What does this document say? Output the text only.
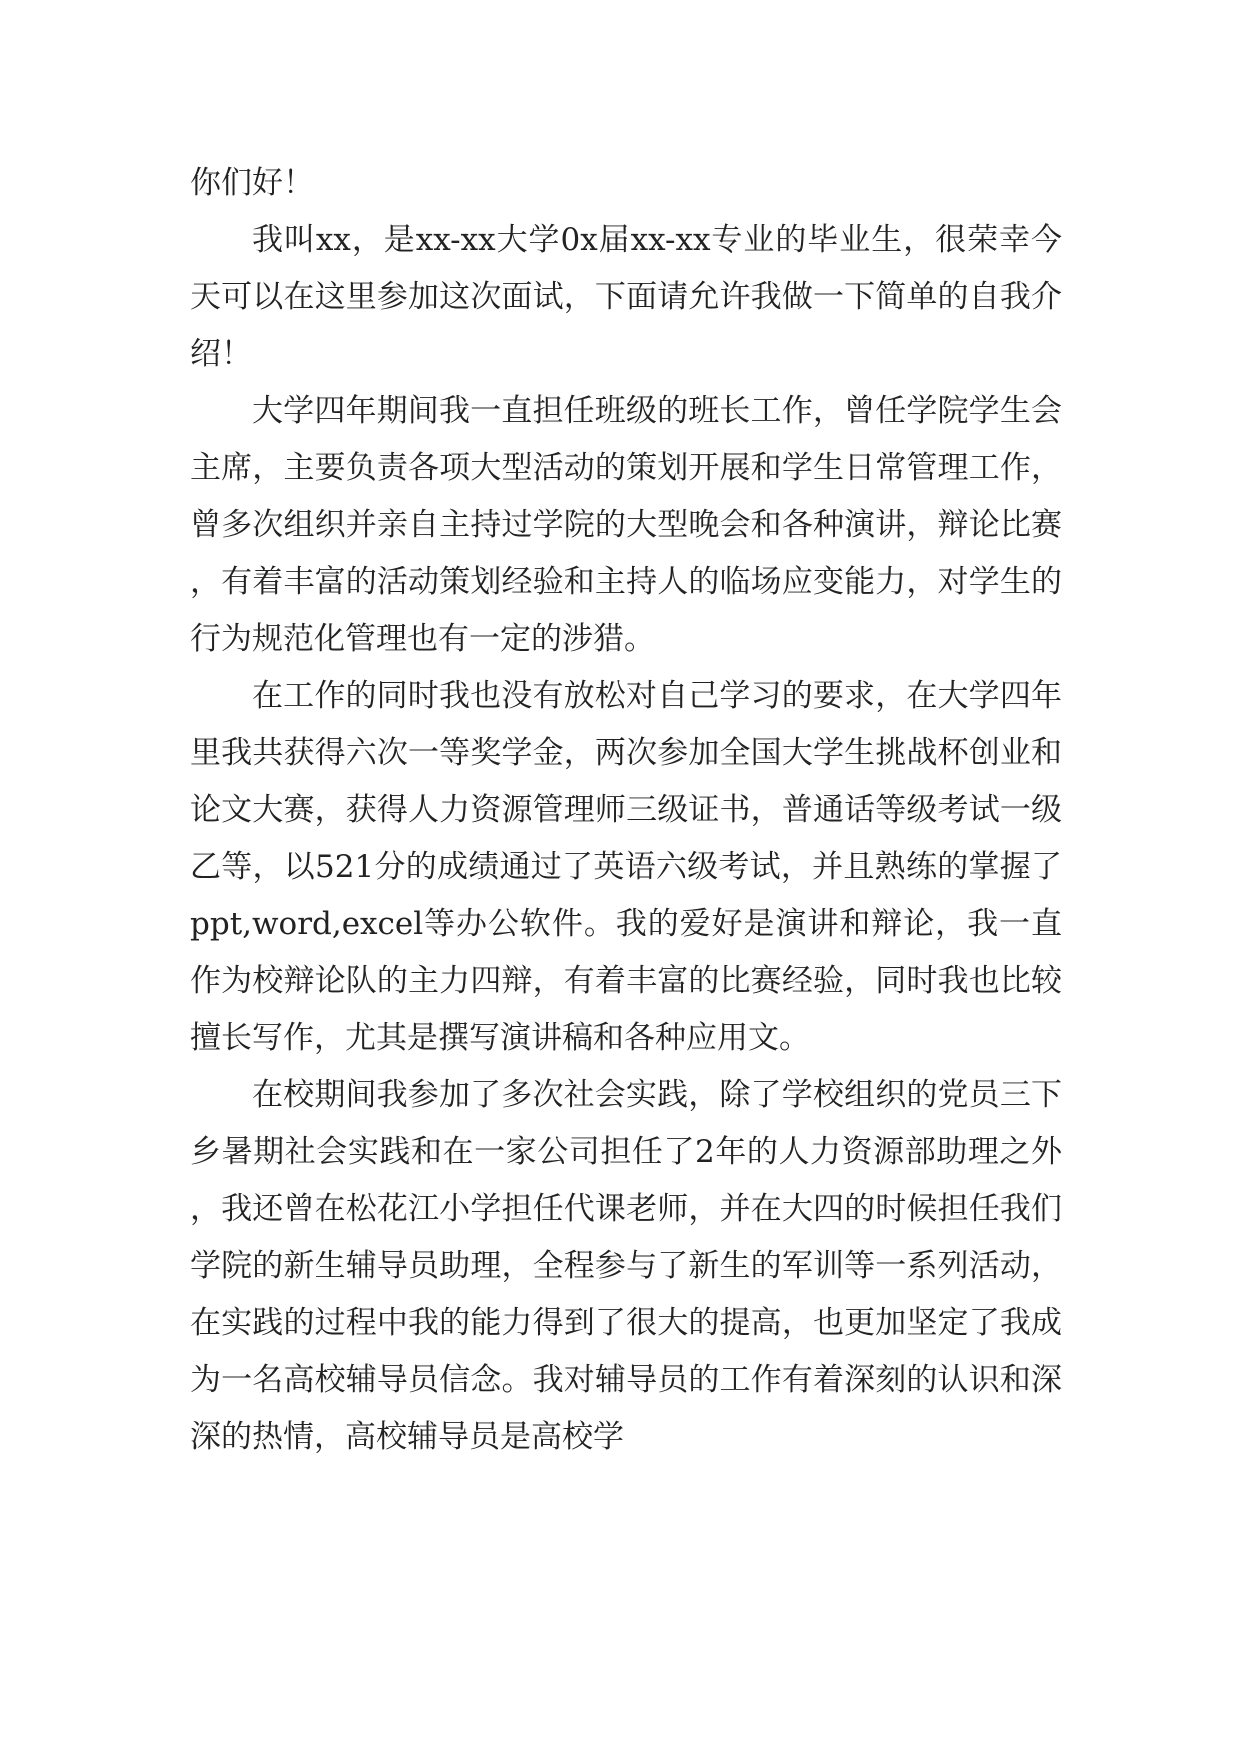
你们好！

我叫xx，是xx-xx大学0x届xx-xx专业的毕业生，很荣幸今天可以在这里参加这次面试，下面请允许我做一下简单的自我介绍！

大学四年期间我一直担任班级的班长工作，曾任学院学生会主席，主要负责各项大型活动的策划开展和学生日常管理工作，曾多次组织并亲自主持过学院的大型晚会和各种演讲，辩论比赛，有着丰富的活动策划经验和主持人的临场应变能力，对学生的行为规范化管理也有一定的涉猎。

在工作的同时我也没有放松对自己学习的要求，在大学四年里我共获得六次一等奖学金，两次参加全国大学生挑战杯创业和论文大赛，获得人力资源管理师三级证书，普通话等级考试一级乙等，以521分的成绩通过了英语六级考试，并且熟练的掌握了ppt,word,excel等办公软件。我的爱好是演讲和辩论，我一直作为校辩论队的主力四辩，有着丰富的比赛经验，同时我也比较擅长写作，尤其是撰写演讲稿和各种应用文。

在校期间我参加了多次社会实践，除了学校组织的党员三下乡暑期社会实践和在一家公司担任了2年的人力资源部助理之外，我还曾在松花江小学担任代课老师，并在大四的时候担任我们学院的新生辅导员助理，全程参与了新生的军训等一系列活动，在实践的过程中我的能力得到了很大的提高，也更加坚定了我成为一名高校辅导员信念。我对辅导员的工作有着深刻的认识和深深的热情，高校辅导员是高校学
